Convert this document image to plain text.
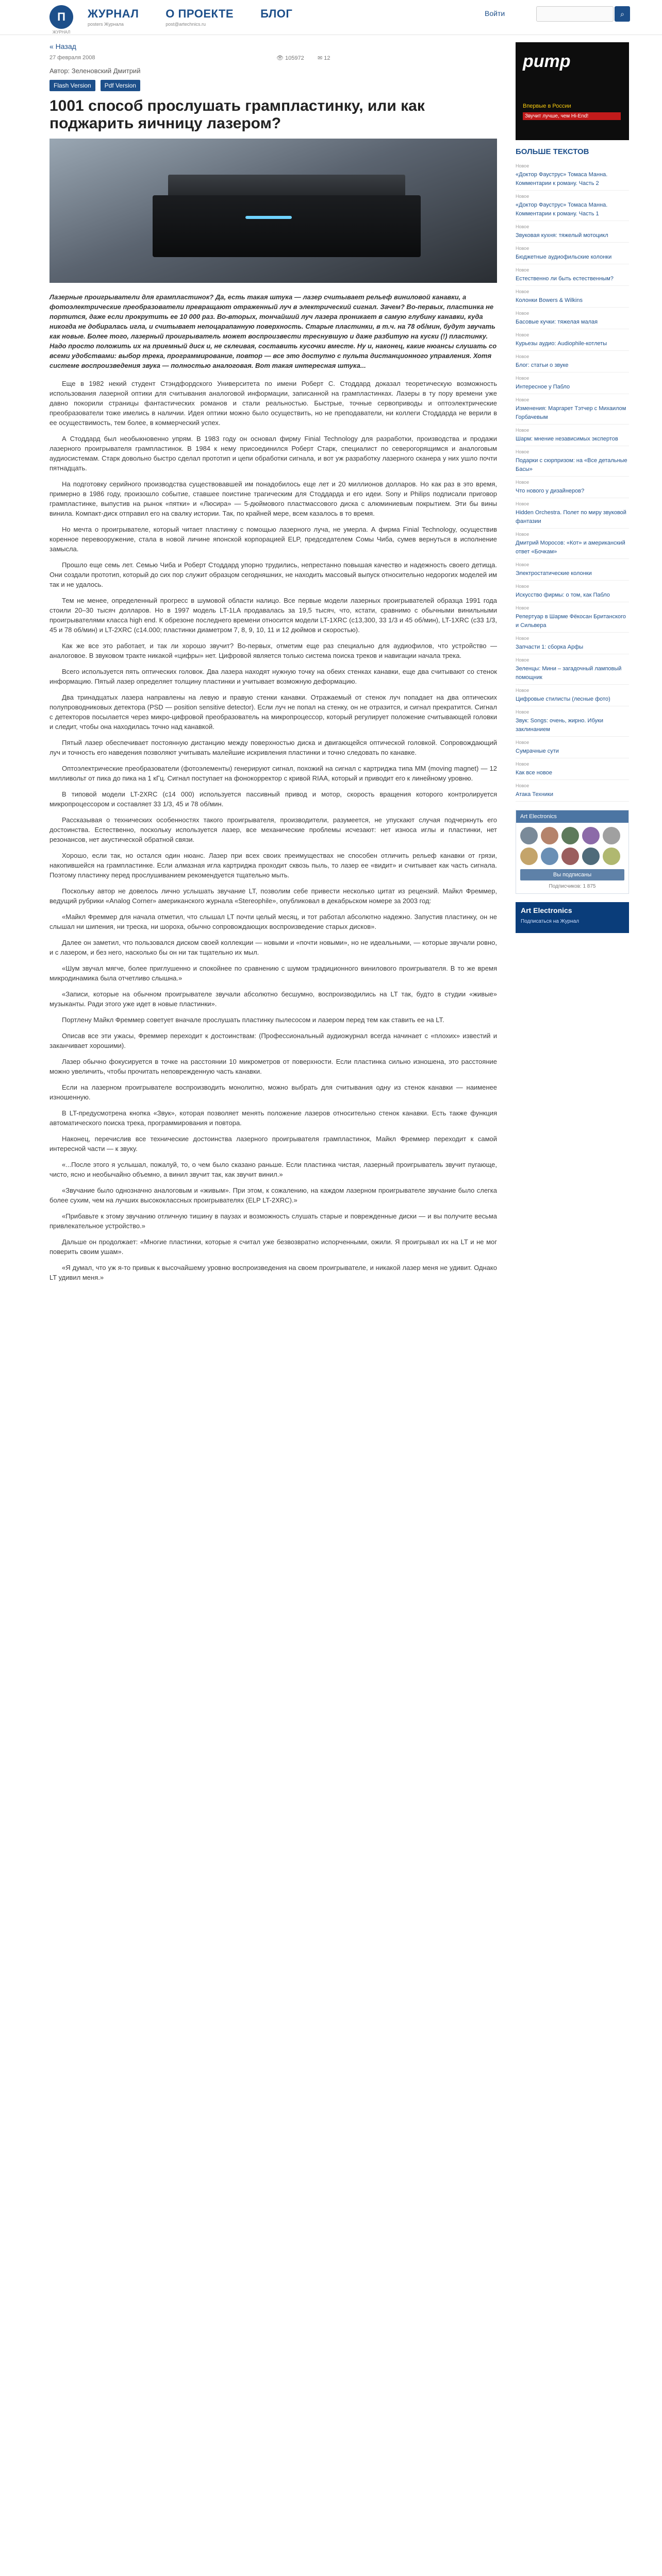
П
ЖУРНАЛ
ЖУРНАЛ
posters Журнала
О ПРОЕКТЕ
post@artechnics.ru
БЛОГ	Войти	⌕
« Назад
27 февраля 2008	👁 105972 ✉ 12
Автор: Зеленовский Дмитрий
Flash Version Pdf Version
1001 способ прослушать грампластинку, или как поджарить яичницу лазером?

Лазерные проигрыватели для грампластинок? Да, есть такая штука — лазер считывает рельеф виниловой канавки, а фотоэлектрические преобразователи превращают отраженный луч в электрический сигнал. Зачем? Во-первых, пластинка не портится, даже если прокрутить ее 10 000 раз. Во-вторых, тончайший луч лазера проникает в самую глубину канавки, куда никогда не добиралась игла, и считывает непоцарапанную поверхность. Старые пластинки, в т.ч. на 78 об/мин, будут звучать как новые. Более того, лазерный проигрыватель может воспроизвести треснувшую и даже разбитую на куски (!) пластинку. Надо просто положить их на приемный диск и, не склеивая, составить кусочки вместе. Ну и, наконец, какие нюансы слушать со всеми удобствами: выбор трека, программирование, повтор — все это доступно с пульта дистанционного управления. Хотя системе воспроизведения звука — полностью аналоговая. Вот такая интересная штука...

Еще в 1982 некий студент Стэндфордского Университета по имени Роберт С. Стоддард доказал теоретическую возможность использования лазерной оптики для считывания аналоговой информации, записанной на грампластинках. Лазеры в ту пору времени уже давно покорили страницы фантастических романов и стали реальностью. Быстрые, точные сервоприводы и оптоэлектрические преобразователи тоже имелись в наличии. Идея оптики можно было осуществить, но не преподаватели, ни коллеги Стоддарда не верили в ее осуществимость, тем более, в коммерческий успех.

А Стоддард был необыкновенно упрям. В 1983 году он основал фирму Finial Technology для разработки, производства и продажи лазерного проигрывателя грампластинок. В 1984 к нему присоединился Роберт Старк, специалист по северогорящимся и аналоговым аудиосистемам. Старк довольно быстро сделал прототип и цепи обработки сигнала, и вот уж разработку лазерного сканера у них ушло почти пятнадцать.

На подготовку серийного производства существовавшей им понадобилось еще лет и 20 миллионов долларов. Но как раз в это время, примерно в 1986 году, произошло событие, ставшее поистине трагическим для Стоддарда и его идеи. Sony и Philips подписали приговор грампластинке, выпустив на рынок «пятки» и «Люсира» — 5-дюймового пластмассового диска с алюминиевым покрытием. Эти бы вины винила. Компакт-диск отправил его на свалку истории. Так, по крайней мере, всем казалось в то время.

Но мечта о проигрывателе, который читает пластинку с помощью лазерного луча, не умерла. А фирма Finial Technology, осуществив коренное перевооружение, стала в новой личине японской корпорацией ELP, председателем Сомы Чиба, сумев вернуться в исполнение замысла.

Прошло еще семь лет. Семью Чиба и Роберт Стоддард упорно трудились, непрестанно повышая качество и надежность своего детища. Они создали прототип, который до сих пор служит образцом сегодняшних, не находить массовый выпуск относительно недорогих моделей им так и не удалось.

Тем не менее, определенный прогресс в шумовой области налицо. Все первые модели лазерных проигрывателей образца 1991 года стоили 20–30 тысяч долларов. Но в 1997 модель LT-1LA продавалась за 19,5 тысяч, что, кстати, сравнимо с обычными винильными проигрывателями класса high end. К обрезоне последнего времени относится модели LT-1XRC (с13,300, 33 1/3 и 45 об/мин), LT-1XRC (c33 1/3, 45 и 78 об/мин) и LT-2XRC (с14.000; пластинки диаметром 7, 8, 9, 10, 11 и 12 дюймов и скоростью).

Как же все это работает, и так ли хорошо звучит? Во-первых, отметим еще раз специально для аудиофилов, что устройство — аналоговое. В звуковом тракте никакой «цифры» нет. Цифровой является только система поиска треков и навигации начала трека.

Всего используется пять оптических головок. Два лазера находят нужную точку на обеих стенках канавки, еще два считывают со стенок информацию. Пятый лазер определяет толщину пластинки и учитывает возможную деформацию.

Два тринадцатых лазера направлены на левую и правую стенки канавки. Отражаемый от стенок луч попадает на два оптических полупроводниковых детектора (PSD — position sensitive detector). Если луч не попал на стенку, он не отразится, и сигнал прекратится. Сигнал с детекторов посылается через микро-цифровой преобразователь на микропроцессор, который регулирует положение считывающей головки и следит, чтобы она находилась точно над канавкой.

Пятый лазер обеспечивает постоянную дистанцию между поверхностью диска и двигающейся оптической головкой. Сопровождающий луч и точность его наведения позволяют учитывать малейшие искривления пластинки и точно следовать по канавке.

Оптоэлектрические преобразователи (фотоэлементы) генерируют сигнал, похожий на сигнал с картриджа типа MM (moving magnet) — 12 милливольт от пика до пика на 1 кГц. Сигнал поступает на фонокорректор с кривой RIAA, который и приводит его к линейному уровню.

В типовой модели LT-2XRC (с14 000) используется пассивный привод и мотор, скорость вращения которого контролируется микропроцессором и составляет 33 1/3, 45 и 78 об/мин.

Рассказывая о технических особенностях такого проигрывателя, производители, разумеется, не упускают случая подчеркнуть его достоинства. Естественно, поскольку используется лазер, все механические проблемы исчезают: нет износа иглы и пластинки, нет резонансов, нет акустической обратной связи.

Хорошо, если так, но остался один нюанс. Лазер при всех своих преимуществах не способен отличить рельеф канавки от грязи, накопившейся на грампластинке. Если алмазная игла картриджа проходит сквозь пыль, то лазер ее «видит» и считывает как часть сигнала. Поэтому пластинку перед прослушиванием рекомендуется тщательно мыть.

Поскольку автор не довелось лично услышать звучание LT, позволим себе привести несколько цитат из рецензий. Майкл Фреммер, ведущий рубрики «Analog Corner» американского журнала «Stereophile», опубликовал в декабрьском номере за 2003 год:

«Майкл Фреммер для начала отметил, что слышал LT почти целый месяц, и тот работал абсолютно надежно. Запустив пластинку, он не слышал ни шипения, ни треска, ни шороха, обычно сопровождающих воспроизведение старых дисков».

Далее он заметил, что пользовался диском своей коллекции — новыми и «почти новыми», но не идеальными, — которые звучали ровно, и с лазером, и без него, насколько бы он ни так тщательно их мыл.

«Шум звучал мягче, более приглушенно и спокойнее по сравнению с шумом традиционного винилового проигрывателя. В то же время микродинамика была отчетливо слышна.»

«Записи, которые на обычном проигрывателе звучали абсолютно бесшумно, воспроизводились на LT так, будто в студии «живые» музыканты. Ради этого уже идет в новые пластинки».

Портлену Майкл Фреммер советует вначале прослушать пластинку пылесосом и лазером перед тем как ставить ее на LT.

Описав все эти ужасы, Фреммер переходит к достоинствам: (Профессиональный аудиожурнал всегда начинает с «плохих» известий и заканчивает хорошими).

Лазер обычно фокусируется в точке на расстоянии 10 микрометров от поверхности. Если пластинка сильно изношена, это расстояние можно увеличить, чтобы прочитать неповрежденную часть канавки.

Если на лазерном проигрывателе воспроизводить монолитно, можно выбрать для считывания одну из стенок канавки — наименее изношенную.

В LT-предусмотрена кнопка «Звук», которая позволяет менять положение лазеров относительно стенок канавки. Есть также функция автоматического поиска трека, программирования и повтора.

Наконец, перечислив все технические достоинства лазерного проигрывателя грампластинок, Майкл Фреммер переходит к самой интересной части — к звуку.

«...После этого я услышал, пожалуй, то, о чем было сказано раньше. Если пластинка чистая, лазерный проигрыватель звучит пугающе, чисто, ясно и необычайно объемно, а винил звучит так, как звучит винил.»

«Звучание было однозначно аналоговым и «живым». При этом, к сожалению, на каждом лазерном проигрывателе звучание было слегка более сухим, чем на лучших высококлассных проигрывателях (ELP LT-2XRC).»

«Прибавьте к этому звучанию отличную тишину в паузах и возможность слушать старые и поврежденные диски — и вы получите весьма привлекательное устройство.»

Дальше он продолжает: «Многие пластинки, которые я считал уже безвозвратно испорченными, ожили. Я проигрывал их на LT и не мог поверить своим ушам».

«Я думал, что уж я-то привык к высочайшему уровню воспроизведения на своем проигрывателе, и никакой лазер меня не удивит. Однако LT удивил меня.»

pump
Впервые в России
Звучит лучше, чем Hi-End!
БОЛЬШЕ ТЕКСТОВ
Новое
«Доктор Фауструс» Томаса Манна. Комментарии к роману. Часть 2
Новое
«Доктор Фауструс» Томаса Манна. Комментарии к роману. Часть 1
Новое
Звуковая кухня: тяжелый мотоцикл
Новое
Бюджетные аудиофильские колонки
Новое
Естественно ли быть естественным?
Новое
Колонки Bowers & Wilkins
Новое
Басовые кучки: тяжелая малая
Новое
Курьезы аудио: Audiophile-котлеты
Новое
Блог: статьи о звуке
Новое
Интересное у Пабло
Новое
Изменения: Маргарет Тэтчер с Михаилом Горбачевым
Новое
Шарм: мнение независимых экспертов
Новое
Подарки с сюрпризом: на «Все детальные Басы»
Новое
Что нового у дизайнеров?
Новое
Hidden Orchestra. Полет по миру звуковой фантазии
Новое
Дмитрий Моросов: «Кот» и американский ответ «Бочкам»
Новое
Электростатические колонки
Новое
Искусство фирмы: о том, как Пабло
Новое
Репертуар в Шарме Фёкосан Британского и Сильвера
Новое
Запчасти 1: сборка Арфы
Новое
Зеленцы: Мини – загадочный ламповый помощник
Новое
Цифровые стилисты (лесные фото)
Новое
Звук: Songs: очень, жирно. Ибуки заклинанием
Новое
Сумрачные сути
Новое
Как все новое
Новое
Атака Техники
Art Electronics
Вы подписаны
Подписчиков: 1 875
Art Electronics
Подписаться на Журнал
